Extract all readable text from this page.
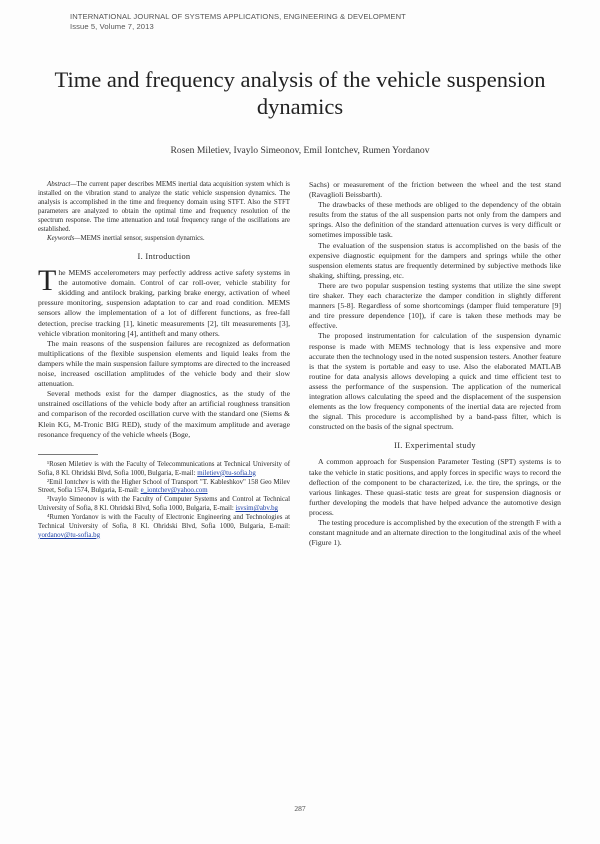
INTERNATIONAL JOURNAL OF SYSTEMS APPLICATIONS, ENGINEERING & DEVELOPMENT
Issue 5, Volume 7, 2013
Time and frequency analysis of the vehicle suspension dynamics
Rosen Miletiev, Ivaylo Simeonov, Emil Iontchev, Rumen Yordanov

Abstract—The current paper describes MEMS inertial data acquisition system which is installed on the vibration stand to analyze the static vehicle suspension dynamics. The analysis is accomplished in the time and frequency domain using STFT. Also the STFT parameters are analyzed to obtain the optimal time and frequency resolution of the spectrum response. The time attenuation and total frequency range of the oscillations are established.

Keywords—MEMS inertial sensor, suspension dynamics.

I. Introduction

The MEMS accelerometers may perfectly address active safety systems in the automotive domain. Control of car roll-over, vehicle stability for skidding and antilock braking, parking brake energy, activation of wheel pressure monitoring, suspension adaptation to car and road condition. MEMS sensors allow the implementation of a lot of different functions, as free-fall detection, precise tracking [1], kinetic measurements [2], tilt measurements [3], vehicle vibration monitoring [4], antitheft and many others.

The main reasons of the suspension failures are recognized as deformation multiplications of the flexible suspension elements and liquid leaks from the dampers while the main suspension failure symptoms are directed to the increased noise, increased oscillation amplitudes of the vehicle body and their slow attenuation.

Several methods exist for the damper diagnostics, as the study of the unstrained oscillations of the vehicle body after an artificial roughness transition and comparison of the recorded oscillation curve with the standard one (Siems & Klein KG, M-Tronic BIG RED), study of the maximum amplitude and average resonance frequency of the vehicle wheels (Boge,

¹Rosen Miletiev is with the Faculty of Telecommunications at Technical University of Sofia, 8 Kl. Ohridski Blvd, Sofia 1000, Bulgaria, E-mail: miletiev@tu-sofia.bg

²Emil Iontchev is with the Higher School of Transport "T. Kableshkov" 158 Geo Milev Street, Sofia 1574, Bulgaria, E-mail: e_iontchev@yahoo.com

³Ivaylo Simeonov is with the Faculty of Computer Systems and Control at Technical University of Sofia, 8 Kl. Ohridski Blvd, Sofia 1000, Bulgaria, E-mail: isvsim@abv.bg

⁴Rumen Yordanov is with the Faculty of Electronic Engineering and Technologies at Technical University of Sofia, 8 Kl. Ohridski Blvd, Sofia 1000, Bulgaria, E-mail: yordanov@tu-sofia.bg

Sachs) or measurement of the friction between the wheel and the test stand (Ravaglioli Beissbarth).

The drawbacks of these methods are obliged to the dependency of the obtain results from the status of the all suspension parts not only from the dampers and springs. Also the definition of the standard attenuation curves is very difficult or sometimes impossible task.

The evaluation of the suspension status is accomplished on the basis of the expensive diagnostic equipment for the dampers and springs while the other suspension elements status are frequently determined by subjective methods like shaking, shifting, pressing, etc.

There are two popular suspension testing systems that utilize the sine swept tire shaker. They each characterize the damper condition in slightly different manners [5-8]. Regardless of some shortcomings (damper fluid temperature [9] and tire pressure dependence [10]), if care is taken these methods may be effective.

The proposed instrumentation for calculation of the suspension dynamic response is made with MEMS technology that is less expensive and more accurate then the technology used in the noted suspension testers. Another feature is that the system is portable and easy to use. Also the elaborated MATLAB routine for data analysis allows developing a quick and time efficient test to assess the performance of the suspension. The application of the numerical integration allows calculating the speed and the displacement of the suspension elements as the low frequency components of the inertial data are rejected from the signal. This procedure is accomplished by a band-pass filter, which is constructed on the basis of the signal spectrum.

II. Experimental study

A common approach for Suspension Parameter Testing (SPT) systems is to take the vehicle in static positions, and apply forces in specific ways to record the deflection of the component to be characterized, i.e. the tire, the springs, or the various linkages. These quasi-static tests are great for suspension diagnosis or further developing the models that have helped advance the automotive design process.

The testing procedure is accomplished by the execution of the strength F with a constant magnitude and an alternate direction to the longitudinal axis of the wheel (Figure 1).

287
